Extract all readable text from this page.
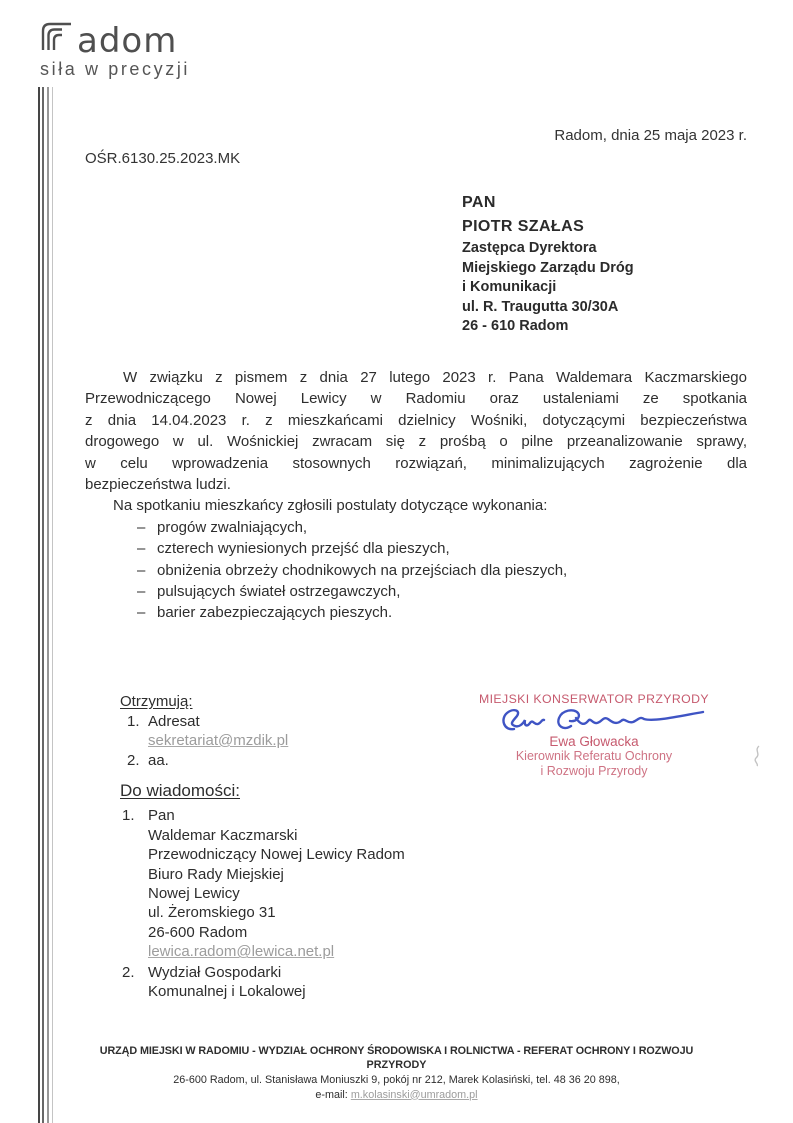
adom
siła w precyzji
Radom, dnia 25 maja 2023 r.
OŚR.6130.25.2023.MK
PAN
PIOTR SZAŁAS
Zastępca Dyrektora
Miejskiego Zarządu Dróg
i Komunikacji
ul. R. Traugutta 30/30A
26 - 610 Radom
W związku z pismem z dnia 27 lutego 2023 r. Pana Waldemara Kaczmarskiego
Przewodniczącego Nowej Lewicy w Radomiu oraz ustaleniami ze spotkania
z dnia 14.04.2023 r. z mieszkańcami dzielnicy Wośniki, dotyczącymi bezpieczeństwa
drogowego w ul. Wośnickiej zwracam się z prośbą o pilne przeanalizowanie sprawy,
w celu wprowadzenia stosownych rozwiązań, minimalizujących zagrożenie dla
bezpieczeństwa ludzi.
Na spotkaniu mieszkańcy zgłosili postulaty dotyczące wykonania:
– progów zwalniających,
– czterech wyniesionych przejść dla pieszych,
– obniżenia obrzeży chodnikowych na przejściach dla pieszych,
– pulsujących świateł ostrzegawczych,
– barier zabezpieczających pieszych.
Otrzymują:
1. Adresat
sekretariat@mzdik.pl
2. aa.
MIEJSKI KONSERWATOR PRZYRODY
Ewa Głowacka
Kierownik Referatu Ochrony
i Rozwoju Przyrody
Do wiadomości:
1. Pan
Waldemar Kaczmarski
Przewodniczący Nowej Lewicy Radom
Biuro Rady Miejskiej
Nowej Lewicy
ul. Żeromskiego 31
26-600 Radom
lewica.radom@lewica.net.pl
2. Wydział Gospodarki
Komunalnej i Lokalowej
URZĄD MIEJSKI W RADOMIU - WYDZIAŁ OCHRONY ŚRODOWISKA I ROLNICTWA - REFERAT OCHRONY I ROZWOJU
PRZYRODY
26-600 Radom, ul. Stanisława Moniuszki 9, pokój nr 212, Marek Kolasiński, tel. 48 36 20 898,
e-mail: m.kolasinski@umradom.pl
